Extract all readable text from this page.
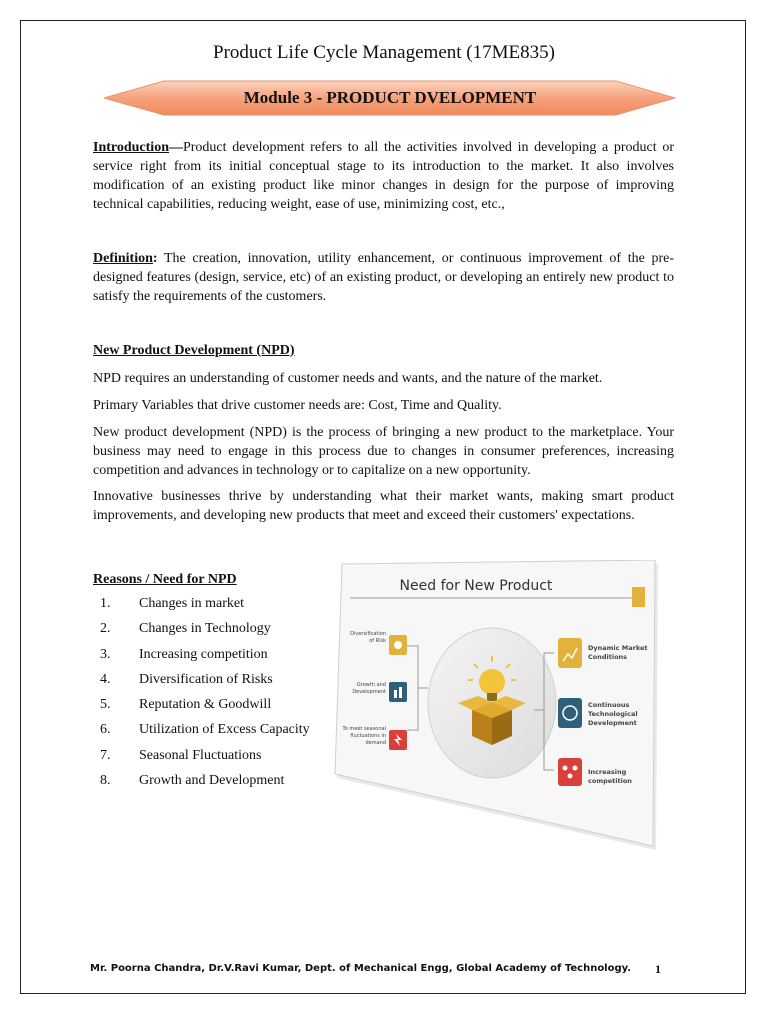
Product Life Cycle Management (17ME835)
Module 3 - PRODUCT DVELOPMENT

Introduction—Product development refers to all the activities involved in developing a product or service right from its initial conceptual stage to its introduction to the market. It also involves modification of an existing product like minor changes in design for the purpose of improving technical capabilities, reducing weight, ease of use, minimizing cost, etc.,

Definition: The creation, innovation, utility enhancement, or continuous improvement of the pre-designed features (design, service, etc) of an existing product, or developing an entirely new product to satisfy the requirements of the customers.

New Product Development (NPD)

NPD requires an understanding of customer needs and wants, and the nature of the market.

Primary Variables that drive customer needs are: Cost, Time and Quality.

New product development (NPD) is the process of bringing a new product to the marketplace. Your business may need to engage in this process due to changes in consumer preferences, increasing competition and advances in technology or to capitalize on a new opportunity.

Innovative businesses thrive by understanding what their market wants, making smart product improvements, and developing new products that meet and exceed their customers' expectations.

Reasons / Need for NPD

1.	Changes in market
2.	Changes in Technology
3.	Increasing competition
4.	Diversification of Risks
5.	Reputation & Goodwill
6.	Utilization of Excess Capacity
7.	Seasonal Fluctuations
8.	Growth and Development
Need for New Product
Diversification
of Risk
Growth and
Development
To meet seasonal
fluctuations in
demand
Dynamic Market
Conditions
Continuous
Technological
Development
Increasing
competition
Mr. Poorna Chandra, Dr.V.Ravi Kumar, Dept. of Mechanical Engg, Global Academy of Technology. 1
